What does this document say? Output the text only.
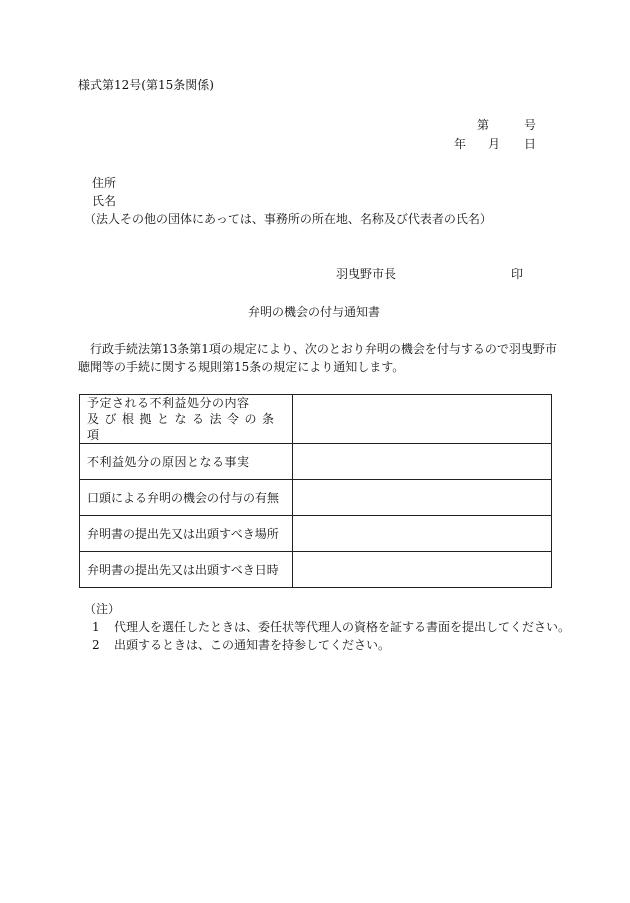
様式第12号(第15条関係)
第	号
年 月 日
住所
氏名
（法人その他の団体にあっては、事務所の所在地、名称及び代表者の氏名）
羽曳野市長	印
弁明の機会の付与通知書
行政手続法第13条第1項の規定により、次のとおり弁明の機会を付与するので羽曳野市聴聞等の手続に関する規則第15条の規定により通知します。
予定される不利益処分の内容
及び根拠となる法令の条項	

不利益処分の原因となる事実	

口頭による弁明の機会の付与の有無	

弁明書の提出先又は出頭すべき場所	

弁明書の提出先又は出頭すべき日時	

（注）
1 代理人を選任したときは、委任状等代理人の資格を証する書面を提出してください。
2 出頭するときは、この通知書を持参してください。
